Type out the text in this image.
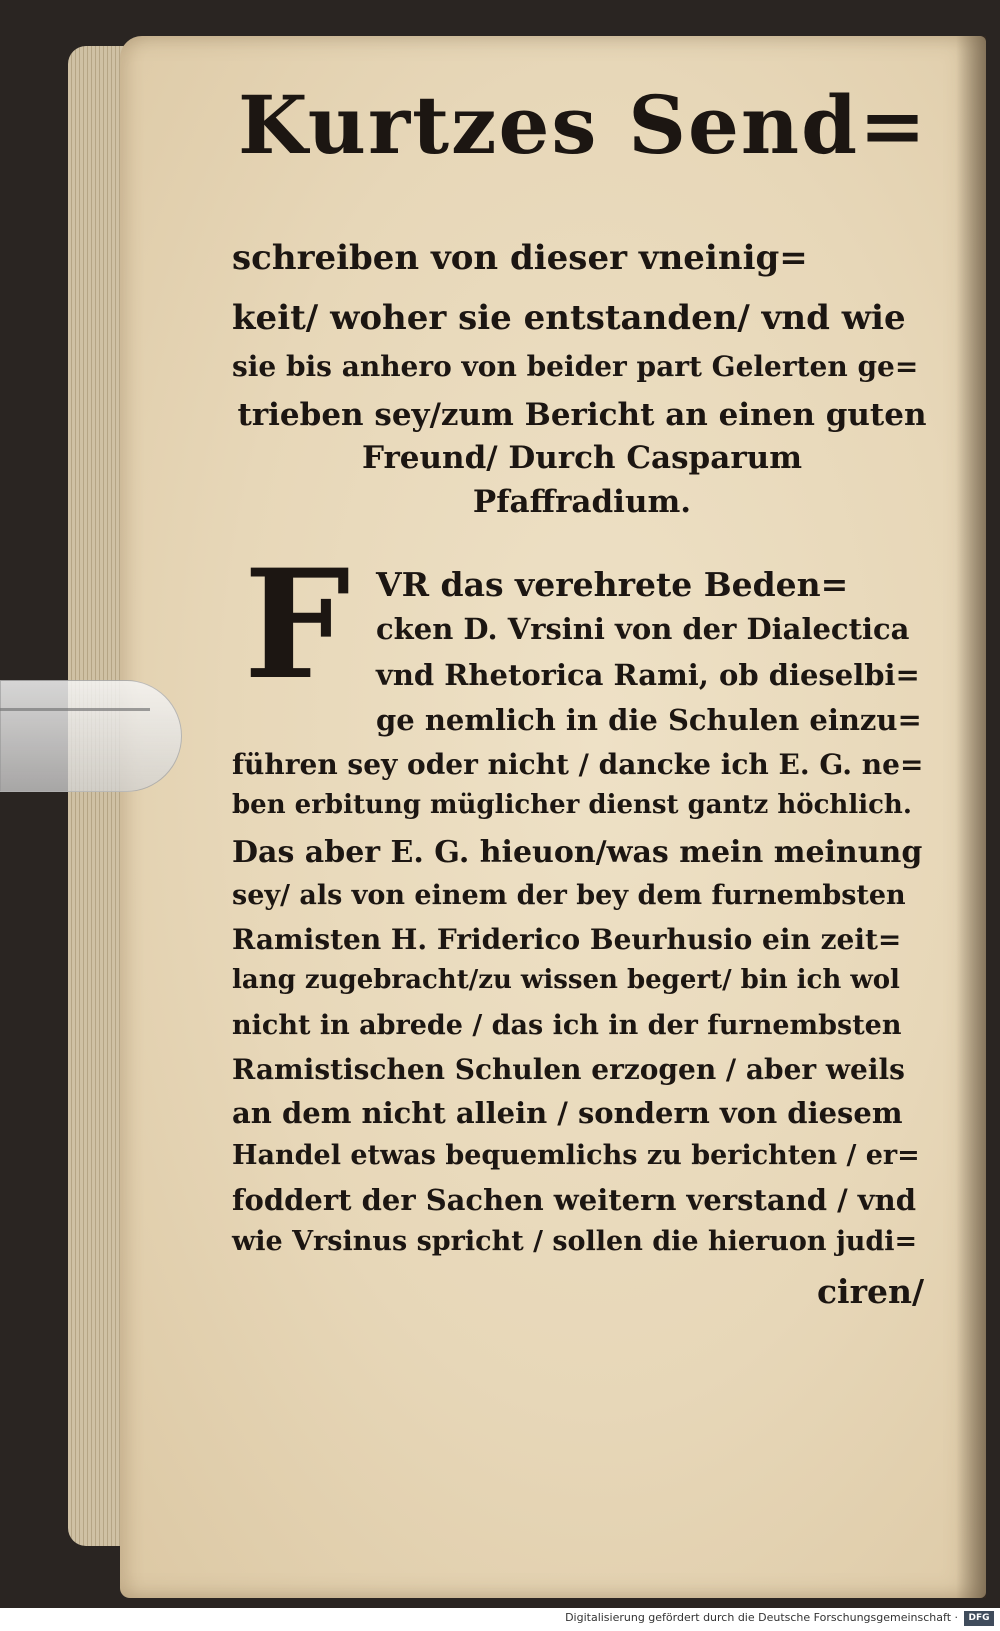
Kurtzes Send=
schreiben von dieser vneinig=
keit/ woher sie entstanden/ vnd wie
sie bis anhero von beider part Gelerten ge=
trieben sey/zum Bericht an einen guten
Freund/ Durch Casparum
Pfaffradium.
F VR das verehrete Beden=
cken D. Vrsini von der Dialectica
vnd Rhetorica Rami, ob dieselbi=
ge nemlich in die Schulen einzu=
führen sey oder nicht / dancke ich E. G. ne=
ben erbitung müglicher dienst gantz höchlich.
Das aber E. G. hieuon/was mein meinung
sey/ als von einem der bey dem furnembsten
Ramisten H. Friderico Beurhusio ein zeit=
lang zugebracht/zu wissen begert/ bin ich wol
nicht in abrede / das ich in der furnembsten
Ramistischen Schulen erzogen / aber weils
an dem nicht allein / sondern von diesem
Handel etwas bequemlichs zu berichten / er=
foddert der Sachen weitern verstand / vnd
wie Vrsinus spricht / sollen die hieruon judi=
ciren/
Digitalisierung gefördert durch die Deutsche Forschungsgemeinschaft ·	DFG
